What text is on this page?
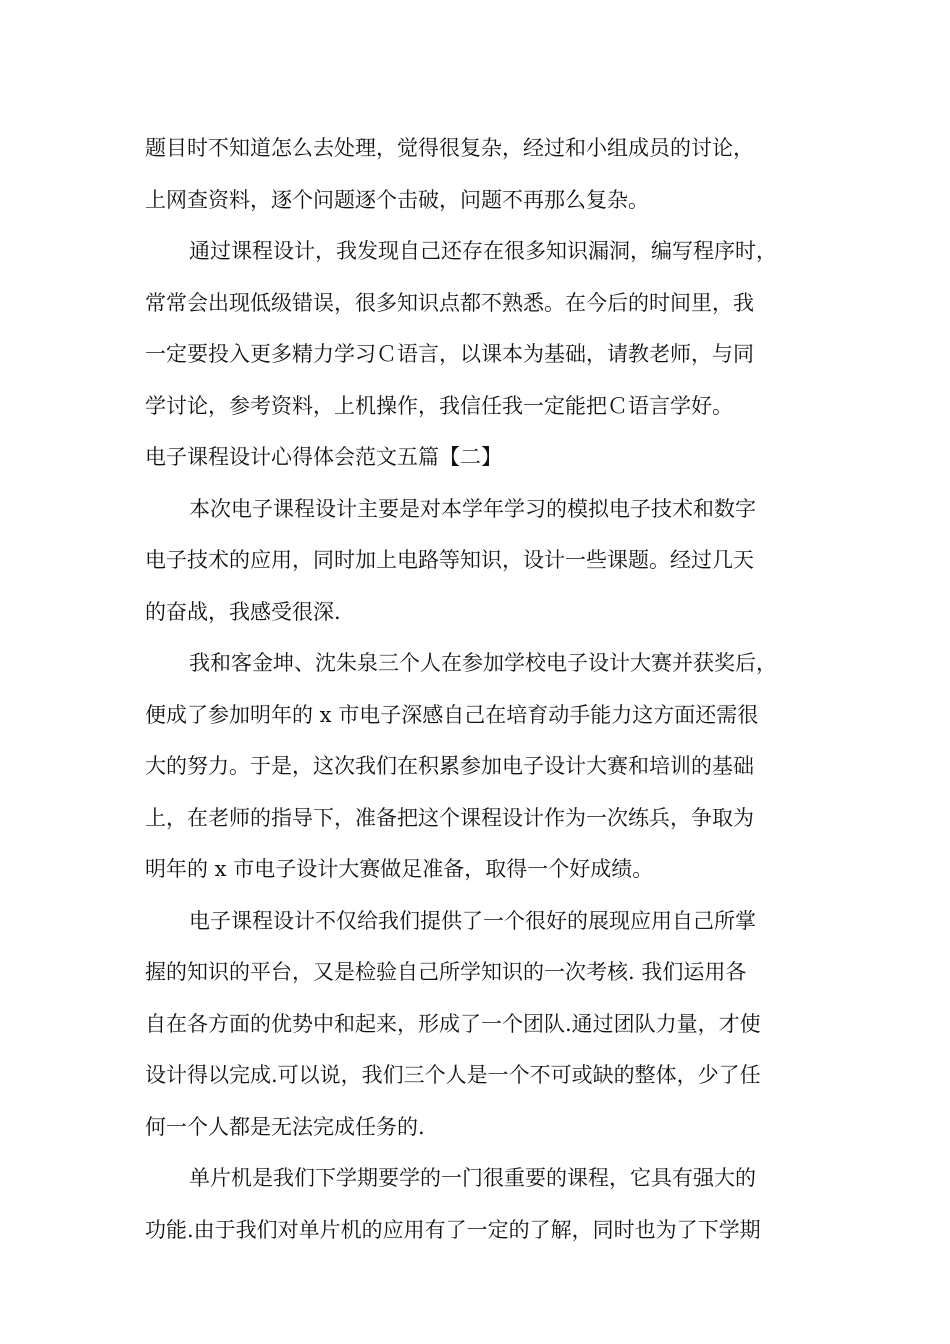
题目时不知道怎么去处理，觉得很复杂，经过和小组成员的讨论，
上网查资料，逐个问题逐个击破，问题不再那么复杂。
通过课程设计，我发现自己还存在很多知识漏洞，编写程序时，
常常会出现低级错误，很多知识点都不熟悉。在今后的时间里，我
一定要投入更多精力学习Ｃ语言，以课本为基础，请教老师，与同
学讨论，参考资料，上机操作，我信任我一定能把Ｃ语言学好。
电子课程设计心得体会范文五篇【二】
本次电子课程设计主要是对本学年学习的模拟电子技术和数字
电子技术的应用，同时加上电路等知识，设计一些课题。经过几天
的奋战，我感受很深.
我和客金坤、沈朱泉三个人在参加学校电子设计大赛并获奖后，
便成了参加明年的 x 市电子深感自己在培育动手能力这方面还需很
大的努力。于是，这次我们在积累参加电子设计大赛和培训的基础
上，在老师的指导下，准备把这个课程设计作为一次练兵，争取为
明年的 x 市电子设计大赛做足准备，取得一个好成绩。
电子课程设计不仅给我们提供了一个很好的展现应用自己所掌
握的知识的平台，又是检验自己所学知识的一次考核. 我们运用各
自在各方面的优势中和起来，形成了一个团队.通过团队力量，才使
设计得以完成.可以说，我们三个人是一个不可或缺的整体，少了任
何一个人都是无法完成任务的.
单片机是我们下学期要学的一门很重要的课程，它具有强大的
功能.由于我们对单片机的应用有了一定的了解，同时也为了下学期
